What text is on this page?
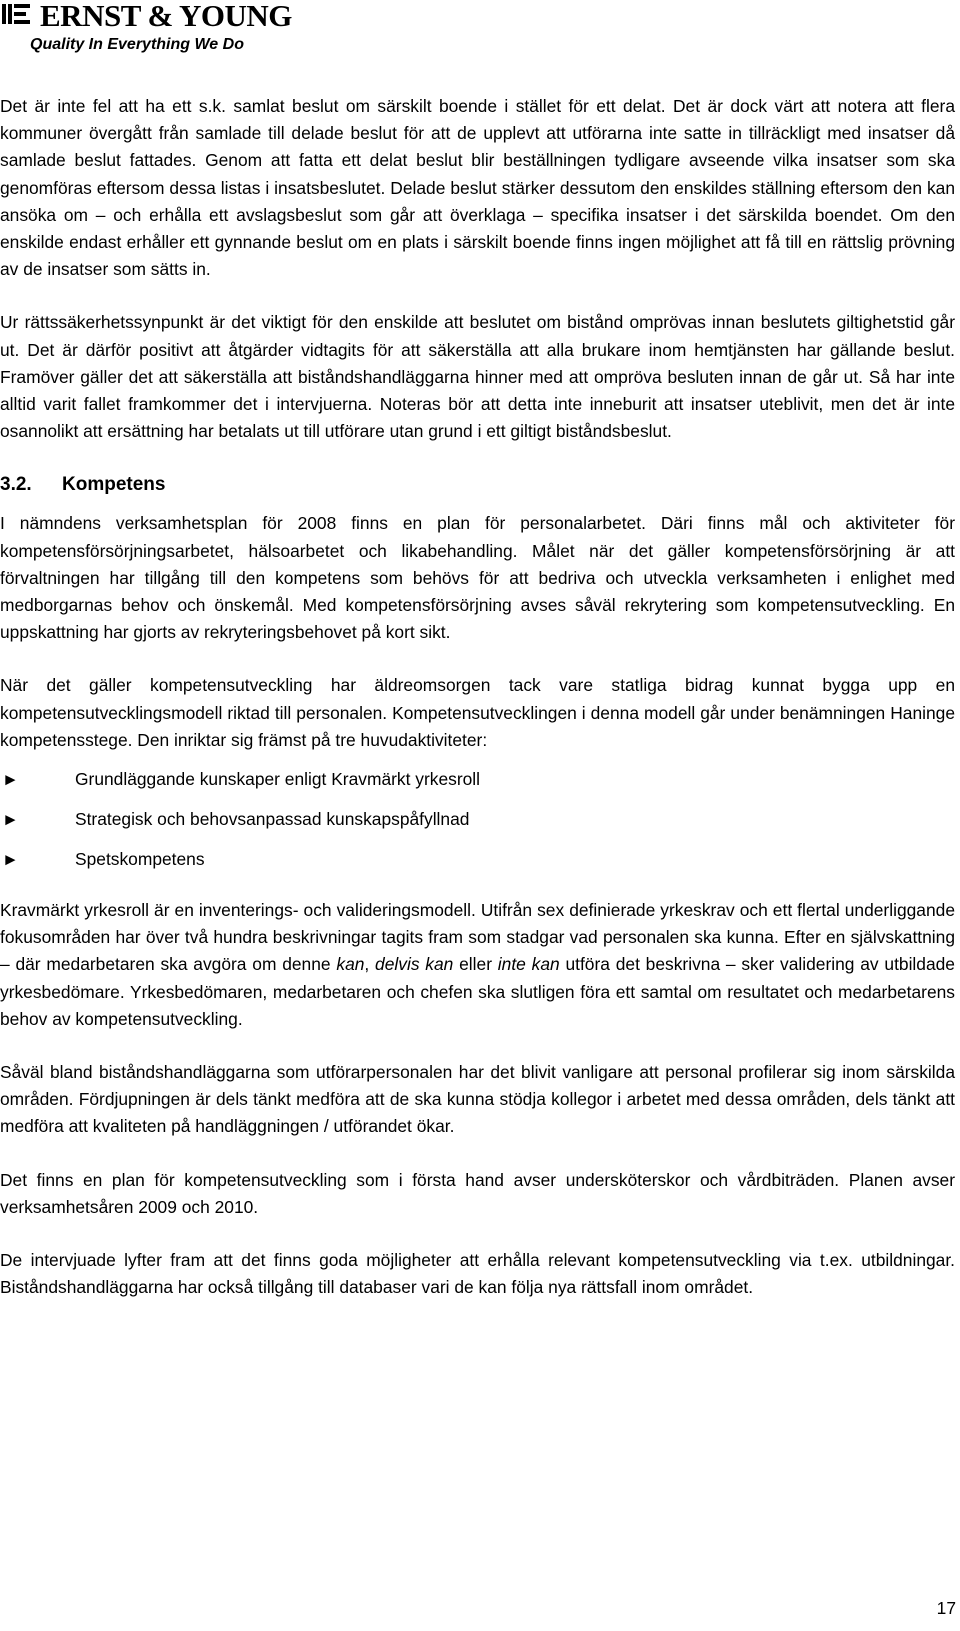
ERNST & YOUNG
Quality In Everything We Do

Det är inte fel att ha ett s.k. samlat beslut om särskilt boende i stället för ett delat. Det är dock värt att notera att flera kommuner övergått från samlade till delade beslut för att de upplevt att utförarna inte satte in tillräckligt med insatser då samlade beslut fattades. Genom att fatta ett delat beslut blir beställningen tydligare avseende vilka insatser som ska genomföras eftersom dessa listas i insatsbeslutet. Delade beslut stärker dessutom den enskildes ställning eftersom den kan ansöka om – och erhålla ett avslagsbeslut som går att överklaga – specifika insatser i det särskilda boendet. Om den enskilde endast erhåller ett gynnande beslut om en plats i särskilt boende finns ingen möjlighet att få till en rättslig prövning av de insatser som sätts in.

Ur rättssäkerhetssynpunkt är det viktigt för den enskilde att beslutet om bistånd omprövas innan beslutets giltighetstid går ut. Det är därför positivt att åtgärder vidtagits för att säkerställa att alla brukare inom hemtjänsten har gällande beslut. Framöver gäller det att säkerställa att biståndshandläggarna hinner med att ompröva besluten innan de går ut. Så har inte alltid varit fallet framkommer det i intervjuerna. Noteras bör att detta inte inneburit att insatser uteblivit, men det är inte osannolikt att ersättning har betalats ut till utförare utan grund i ett giltigt biståndsbeslut.

3.2. Kompetens

I nämndens verksamhetsplan för 2008 finns en plan för personalarbetet. Däri finns mål och aktiviteter för kompetensförsörjningsarbetet, hälsoarbetet och likabehandling. Målet när det gäller kompetensförsörjning är att förvaltningen har tillgång till den kompetens som behövs för att bedriva och utveckla verksamheten i enlighet med medborgarnas behov och önskemål. Med kompetensförsörjning avses såväl rekrytering som kompetensutveckling. En uppskattning har gjorts av rekryteringsbehovet på kort sikt.

När det gäller kompetensutveckling har äldreomsorgen tack vare statliga bidrag kunnat bygga upp en kompetensutvecklingsmodell riktad till personalen. Kompetensutvecklingen i denna modell går under benämningen Haninge kompetensstege. Den inriktar sig främst på tre huvudaktiviteter:

►	Grundläggande kunskaper enligt Kravmärkt yrkesroll
►	Strategisk och behovsanpassad kunskapspåfyllnad
►	Spetskompetens

Kravmärkt yrkesroll är en inventerings- och valideringsmodell. Utifrån sex definierade yrkeskrav och ett flertal underliggande fokusområden har över två hundra beskrivningar tagits fram som stadgar vad personalen ska kunna. Efter en självskattning – där medarbetaren ska avgöra om denne kan, delvis kan eller inte kan utföra det beskrivna – sker validering av utbildade yrkesbedömare. Yrkesbedömaren, medarbetaren och chefen ska slutligen föra ett samtal om resultatet och medarbetarens behov av kompetensutveckling.

Såväl bland biståndshandläggarna som utförarpersonalen har det blivit vanligare att personal profilerar sig inom särskilda områden. Fördjupningen är dels tänkt medföra att de ska kunna stödja kollegor i arbetet med dessa områden, dels tänkt att medföra att kvaliteten på handläggningen / utförandet ökar.

Det finns en plan för kompetensutveckling som i första hand avser undersköterskor och vårdbiträden. Planen avser verksamhetsåren 2009 och 2010.

De intervjuade lyfter fram att det finns goda möjligheter att erhålla relevant kompetensutveckling via t.ex. utbildningar. Biståndshandläggarna har också tillgång till databaser vari de kan följa nya rättsfall inom området.

17
